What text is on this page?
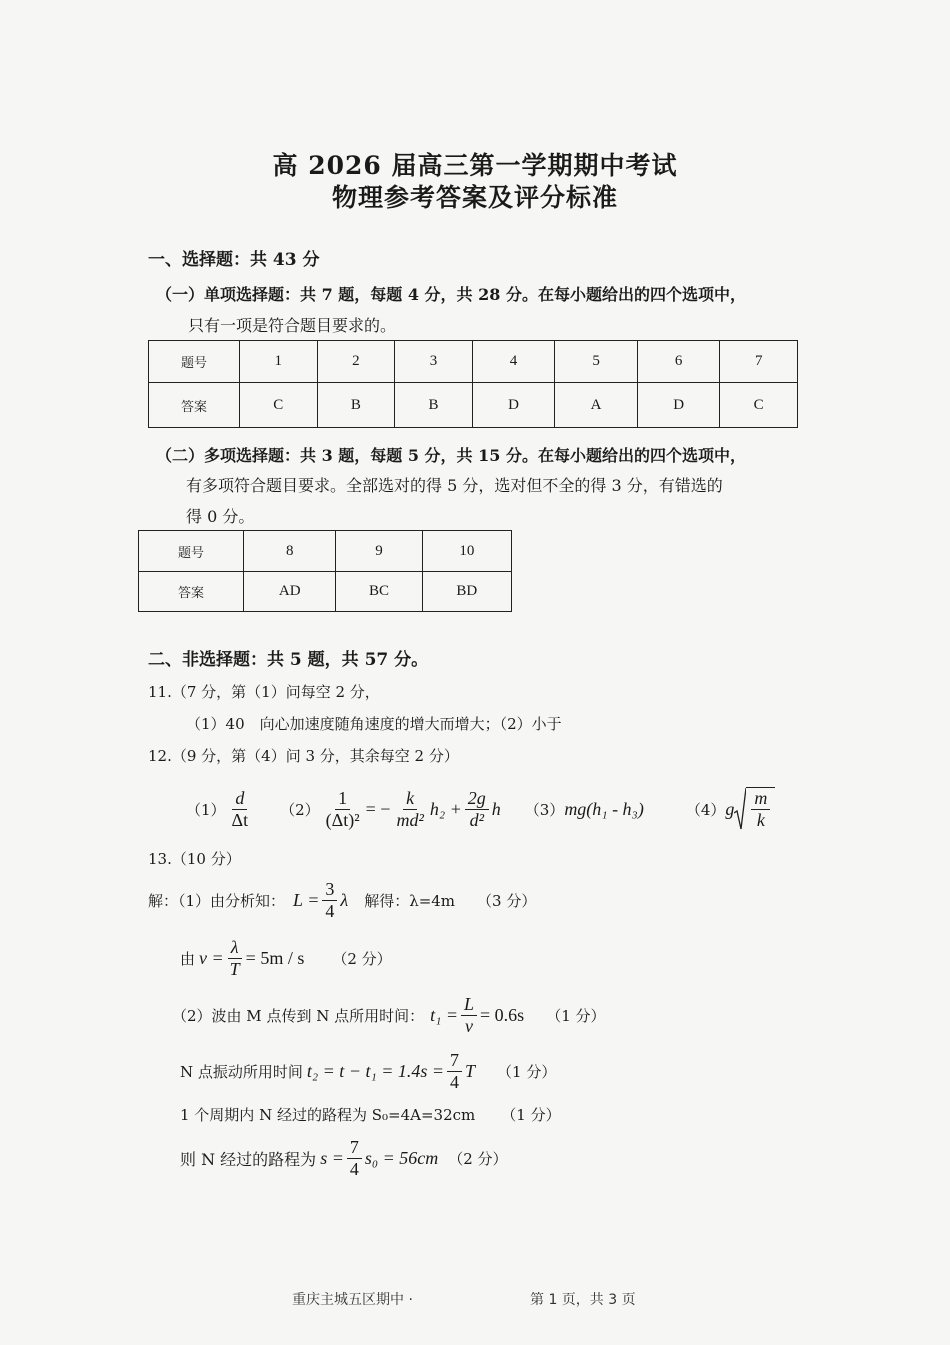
高 2026 届高三第一学期期中考试
物理参考答案及评分标准
一、选择题：共 43 分
（一）单项选择题：共 7 题，每题 4 分，共 28 分。在每小题给出的四个选项中，
只有一项是符合题目要求的。
题号	1	2	3	4	5	6	7
答案	C	B	B	D	A	D	C
（二）多项选择题：共 3 题，每题 5 分，共 15 分。在每小题给出的四个选项中，
有多项符合题目要求。全部选对的得 5 分，选对但不全的得 3 分，有错选的
得 0 分。
题号	8	9	10
答案	AD	BC	BD
二、非选择题：共 5 题，共 57 分。
11.（7 分，第（1）问每空 2 分，
（1）40　向心加速度随角速度的增大而增大；（2）小于
12.（9 分，第（4）问 3 分，其余每空 2 分）
$(1) \frac{d}{\Delta t} (2) \frac{1}{\text{(Δt)²}}$ = − $\frac{k}{\text{md²}} h_2 + \frac{2g}{\text{d²}}$ h （3） mg(h₁ - h₃)	（4） g $\frac{m}{k}$
13.（10 分）
解：（1）由分析知： $L = \frac{3}{4}$ λ 解得：λ=4m （3 分）
由 $v = \frac{\lambda}{T} = 5m / s$ （2 分）
（2）波由 M 点传到 N 点所用时间： $t_1 = \frac{L}{v} = 0.6s$ （1 分）
N 点振动所用时间 $t_2 = t - t_1 = 1.4s = \frac{7}{4}$ T （1 分）
1 个周期内 N 经过的路程为 S₀=4A=32cm （1 分）
则 N 经过的路程为 $s = \frac{7}{4} s_0 = 56cm$ （2 分）
重庆主城五区期中 ·	第 1 页，共 3 页
